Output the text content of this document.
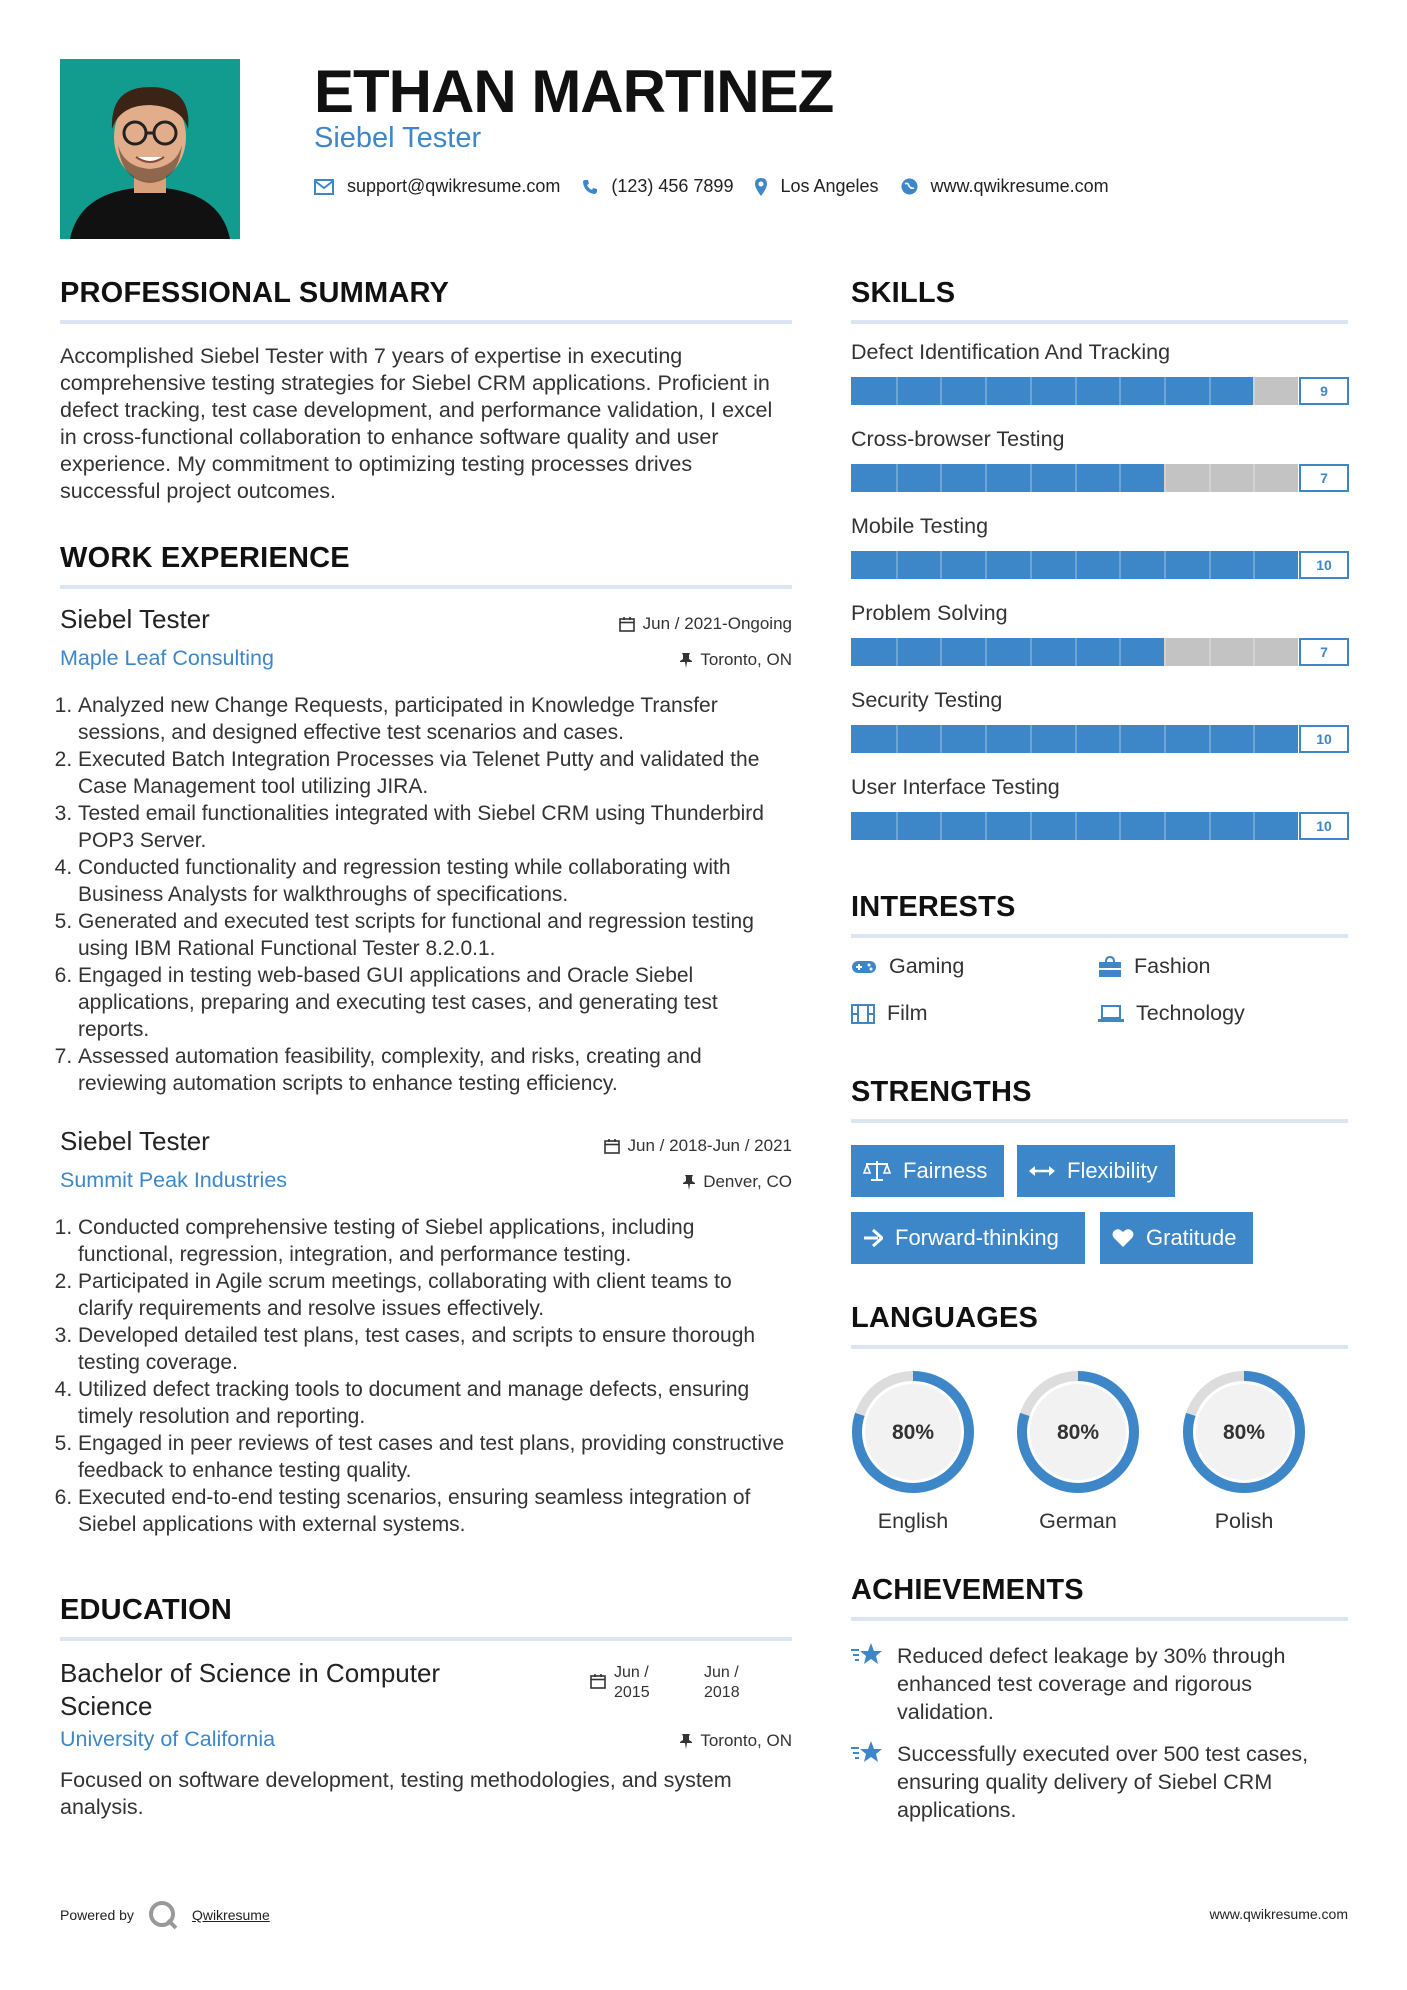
ETHAN MARTINEZ
Siebel Tester
support@qwikresume.com	(123) 456 7899	Los Angeles	www.qwikresume.com
PROFESSIONAL SUMMARY
Accomplished Siebel Tester with 7 years of expertise in executing comprehensive testing strategies for Siebel CRM applications. Proficient in defect tracking, test case development, and performance validation, I excel in cross-functional collaboration to enhance software quality and user experience. My commitment to optimizing testing processes drives successful project outcomes.
WORK EXPERIENCE
Siebel Tester	Jun / 2021-Ongoing
Maple Leaf Consulting	Toronto, ON
1. Analyzed new Change Requests, participated in Knowledge Transfer sessions, and designed effective test scenarios and cases.
2. Executed Batch Integration Processes via Telenet Putty and validated the Case Management tool utilizing JIRA.
3. Tested email functionalities integrated with Siebel CRM using Thunderbird POP3 Server.
4. Conducted functionality and regression testing while collaborating with Business Analysts for walkthroughs of specifications.
5. Generated and executed test scripts for functional and regression testing using IBM Rational Functional Tester 8.2.0.1.
6. Engaged in testing web-based GUI applications and Oracle Siebel applications, preparing and executing test cases, and generating test reports.
7. Assessed automation feasibility, complexity, and risks, creating and reviewing automation scripts to enhance testing efficiency.
Siebel Tester	Jun / 2018-Jun / 2021
Summit Peak Industries	Denver, CO
1. Conducted comprehensive testing of Siebel applications, including functional, regression, integration, and performance testing.
2. Participated in Agile scrum meetings, collaborating with client teams to clarify requirements and resolve issues effectively.
3. Developed detailed test plans, test cases, and scripts to ensure thorough testing coverage.
4. Utilized defect tracking tools to document and manage defects, ensuring timely resolution and reporting.
5. Engaged in peer reviews of test cases and test plans, providing constructive feedback to enhance testing quality.
6. Executed end-to-end testing scenarios, ensuring seamless integration of Siebel applications with external systems.
EDUCATION
Bachelor of Science in Computer Science
Jun / 2015
Jun / 2018
University of California	Toronto, ON
Focused on software development, testing methodologies, and system analysis.
SKILLS
Defect Identification And Tracking
9
Cross-browser Testing
7
Mobile Testing
10
Problem Solving
7
Security Testing
10
User Interface Testing
10
INTERESTS
Gaming	Fashion
Film	Technology
STRENGTHS
Fairness	Flexibility
Forward-thinking	Gratitude
LANGUAGES
80%
English
80%
German
80%
Polish
ACHIEVEMENTS
Reduced defect leakage by 30% through enhanced test coverage and rigorous validation.
Successfully executed over 500 test cases, ensuring quality delivery of Siebel CRM applications.
Powered by	Qwikresume	www.qwikresume.com
